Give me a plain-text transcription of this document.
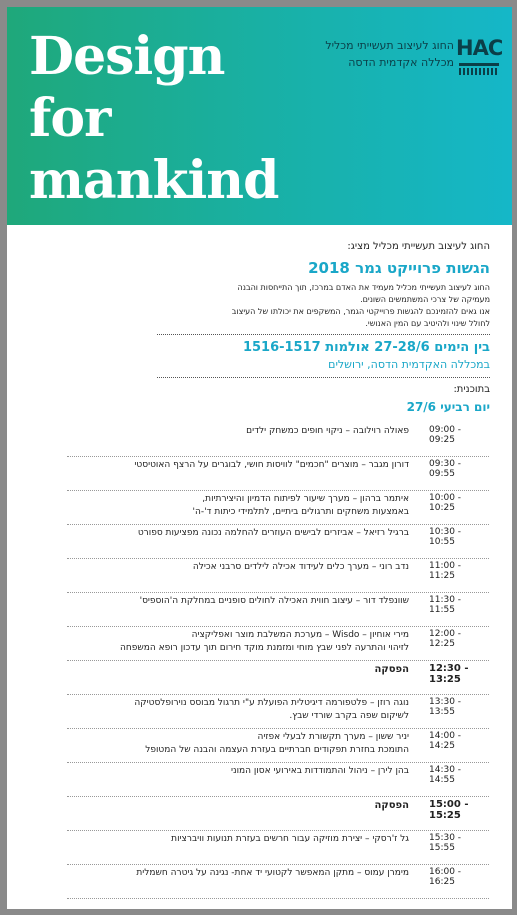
Design
for
mankind
החוג לעיצוב תעשייתי מכליל
מכללה אקדמית הדסה
HAC
החוג לעיצוב תעשייתי מכליל מציג:
הגשות פרוייקט גמר 2018
החוג לעיצוב תעשייתי מכליל מעמיד את האדם במרכז, תוך התייחסות והבנה
מעמיקה של צרכי המשתמשים השונים.
אנו גאים להזמינכם להגשות פרוייקטי הגמר, המשקפים את יכולתו של העיצוב
לחולל שינוי ולהיטיב עם המין האנושי.
בין הימים 27-28/6 אולמות 1516-1517
במכללה האקדמית הדסה, ירושלים
בתוכנית:
יום רביעי 27/6
09:00 - 09:25
פאולה רוילובה – ניקוי חופים כמשחק ילדים
09:30 - 09:55
דורון מגבר – מוצרים "חכמים" לוויסות חושי, לבוגרים על הרצף האוטיסטי
10:00 - 10:25
איתמר ברהון – מערך שיעור לפיתוח הדמיון והיצירתיות,
באמצעות משחקים ותרגולים ביתיים, לתלמידי כיתות ד'-ה'
10:30 - 10:55
ברגיל רזיאל – אביזרים לבישים העוזרים להחלמה נכונה מפציעות ספורט
11:00 - 11:25
נדב רוני – מערך כלים לעידוד אכילה לילדים סרבני אכילה
11:30 - 11:55
שוונפלד דור – עיצוב חווית האכילה לחולים סופניים במחלקת ה'הוספיס'
12:00 - 12:25
מירי אוחיון – Wisdo – מערכת המשלבת מוצר ואפליקציה
לזיהוי והתרעה לפני שבץ מוחי ומזמנת מוקד חירום תוך עדכון רופא המשפחה
12:30 - 13:25
הפסקה
13:30 - 13:55
נוגה רוזן – פלטפורמה דיגיטלית הפועלת ע"י תרגול מבוסס נוירופלסטיקה
לשיקום שפה בקרב שורדי שבץ.
14:00 - 14:25
יניר ששון – מערך תקשורת לבעלי אפזיה
התומכת בחזרת תפקודים חברתיים בעזרת העצמה והבנה של המטופל
14:30 - 14:55
בהן לירן – ניהול והתמודדות באירועי אסון המוני
15:00 - 15:25
הפסקה
15:30 - 15:55
גל ז'רסקי – יצירת מוזיקה עבור חרשים בעזרת תנועות וויברציות
16:00 - 16:25
מימרן עמוס – מתקן המאפשר לקטועי יד אחת- נגינה על גיטרה חשמלית
